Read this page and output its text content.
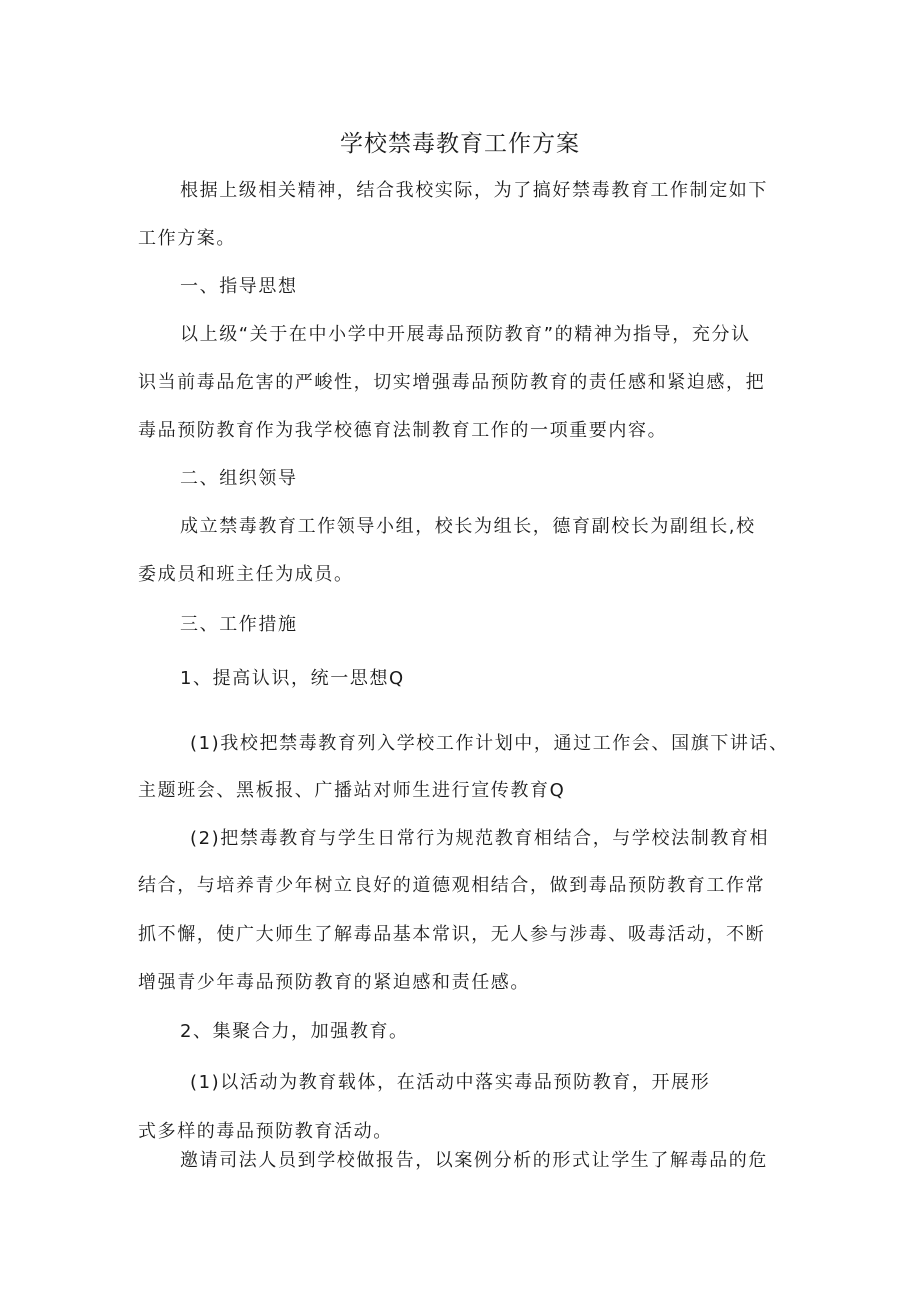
学校禁毒教育工作方案

根据上级相关精神，结合我校实际，为了搞好禁毒教育工作制定如下

工作方案。

一、指导思想

以上级“关于在中小学中开展毒品预防教育”的精神为指导，充分认

识当前毒品危害的严峻性，切实增强毒品预防教育的责任感和紧迫感，把

毒品预防教育作为我学校德育法制教育工作的一项重要内容。

二、组织领导

成立禁毒教育工作领导小组，校长为组长，德育副校长为副组长,校

委成员和班主任为成员。

三、工作措施

1、提高认识，统一思想Q

(1)我校把禁毒教育列入学校工作计划中，通过工作会、国旗下讲话、

主题班会、黑板报、广播站对师生进行宣传教育Q

(2)把禁毒教育与学生日常行为规范教育相结合，与学校法制教育相

结合，与培养青少年树立良好的道德观相结合，做到毒品预防教育工作常

抓不懈，使广大师生了解毒品基本常识，无人参与涉毒、吸毒活动，不断

增强青少年毒品预防教育的紧迫感和责任感。

2、集聚合力，加强教育。

(1)以活动为教育载体，在活动中落实毒品预防教育，开展形

式多样的毒品预防教育活动。

邀请司法人员到学校做报告，以案例分析的形式让学生了解毒品的危
